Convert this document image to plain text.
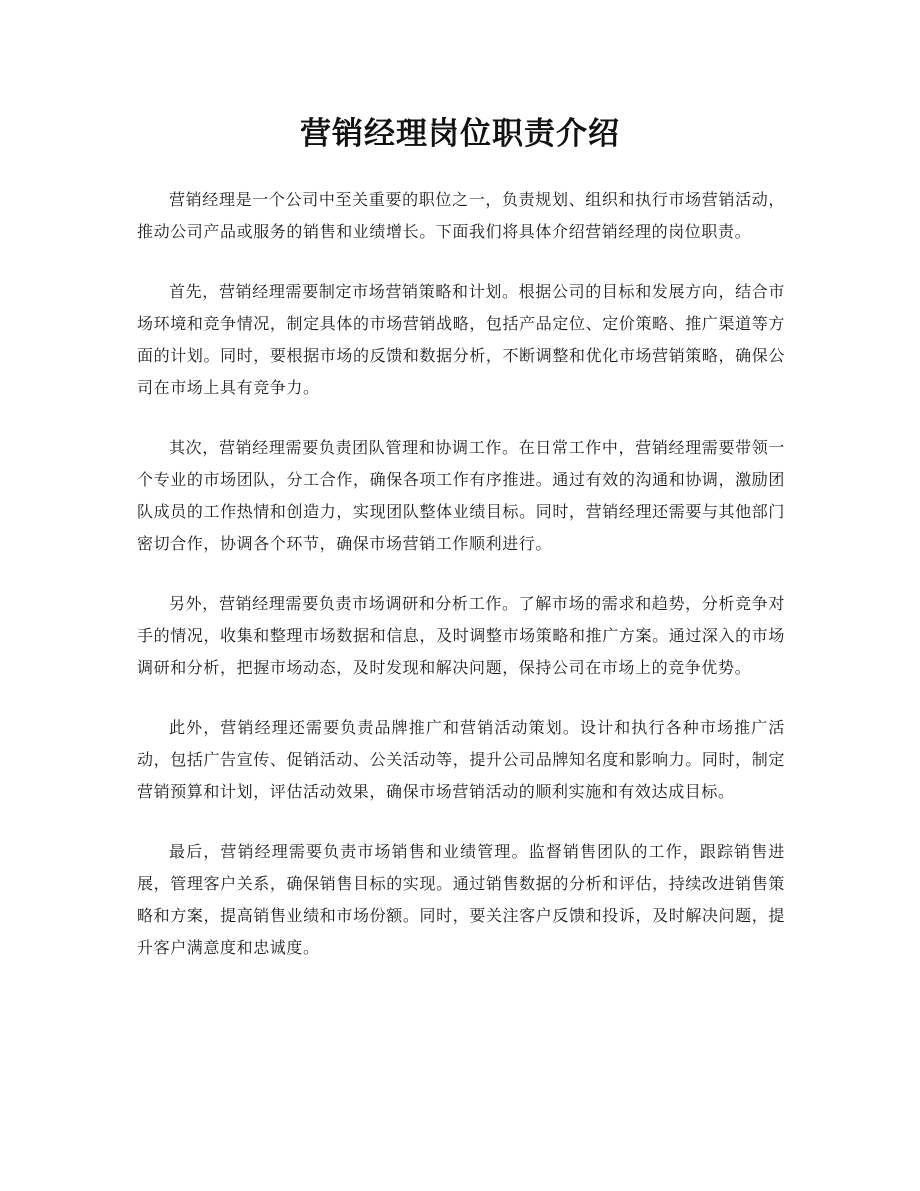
营销经理岗位职责介绍

营销经理是一个公司中至关重要的职位之一，负责规划、组织和执行市场营销活动，推动公司产品或服务的销售和业绩增长。下面我们将具体介绍营销经理的岗位职责。

首先，营销经理需要制定市场营销策略和计划。根据公司的目标和发展方向，结合市场环境和竞争情况，制定具体的市场营销战略，包括产品定位、定价策略、推广渠道等方面的计划。同时，要根据市场的反馈和数据分析，不断调整和优化市场营销策略，确保公司在市场上具有竞争力。

其次，营销经理需要负责团队管理和协调工作。在日常工作中，营销经理需要带领一个专业的市场团队，分工合作，确保各项工作有序推进。通过有效的沟通和协调，激励团队成员的工作热情和创造力，实现团队整体业绩目标。同时，营销经理还需要与其他部门密切合作，协调各个环节，确保市场营销工作顺利进行。

另外，营销经理需要负责市场调研和分析工作。了解市场的需求和趋势，分析竞争对手的情况，收集和整理市场数据和信息，及时调整市场策略和推广方案。通过深入的市场调研和分析，把握市场动态，及时发现和解决问题，保持公司在市场上的竞争优势。

此外，营销经理还需要负责品牌推广和营销活动策划。设计和执行各种市场推广活动，包括广告宣传、促销活动、公关活动等，提升公司品牌知名度和影响力。同时，制定营销预算和计划，评估活动效果，确保市场营销活动的顺利实施和有效达成目标。

最后，营销经理需要负责市场销售和业绩管理。监督销售团队的工作，跟踪销售进展，管理客户关系，确保销售目标的实现。通过销售数据的分析和评估，持续改进销售策略和方案，提高销售业绩和市场份额。同时，要关注客户反馈和投诉，及时解决问题，提升客户满意度和忠诚度。
